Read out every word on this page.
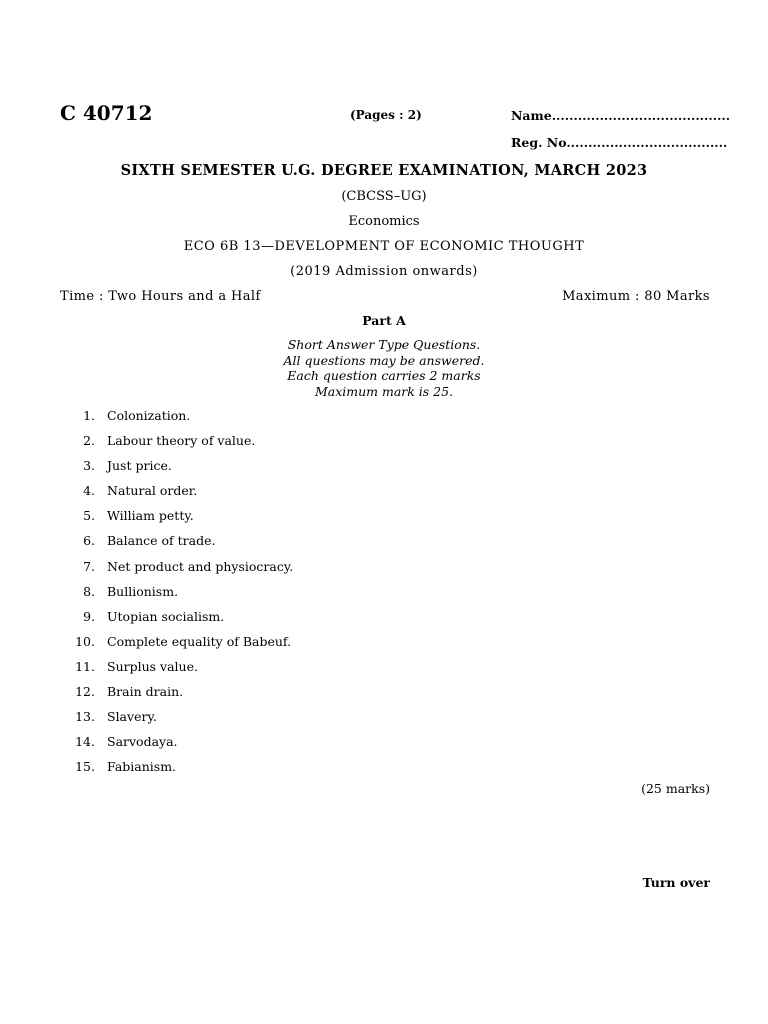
C 40712	(Pages : 2)	Name.........................................
Reg. No.....................................
SIXTH SEMESTER U.G. DEGREE EXAMINATION, MARCH 2023
(CBCSS–UG)
Economics
ECO 6B 13—DEVELOPMENT OF ECONOMIC THOUGHT
(2019 Admission onwards)
Time : Two Hours and a Half	Maximum : 80 Marks
Part A
Short Answer Type Questions.
All questions may be answered.
Each question carries 2 marks
Maximum mark is 25.
1. Colonization.
2. Labour theory of value.
3. Just price.
4. Natural order.
5. William petty.
6. Balance of trade.
7. Net product and physiocracy.
8. Bullionism.
9. Utopian socialism.
10. Complete equality of Babeuf.
11. Surplus value.
12. Brain drain.
13. Slavery.
14. Sarvodaya.
15. Fabianism.
(25 marks)
Turn over
